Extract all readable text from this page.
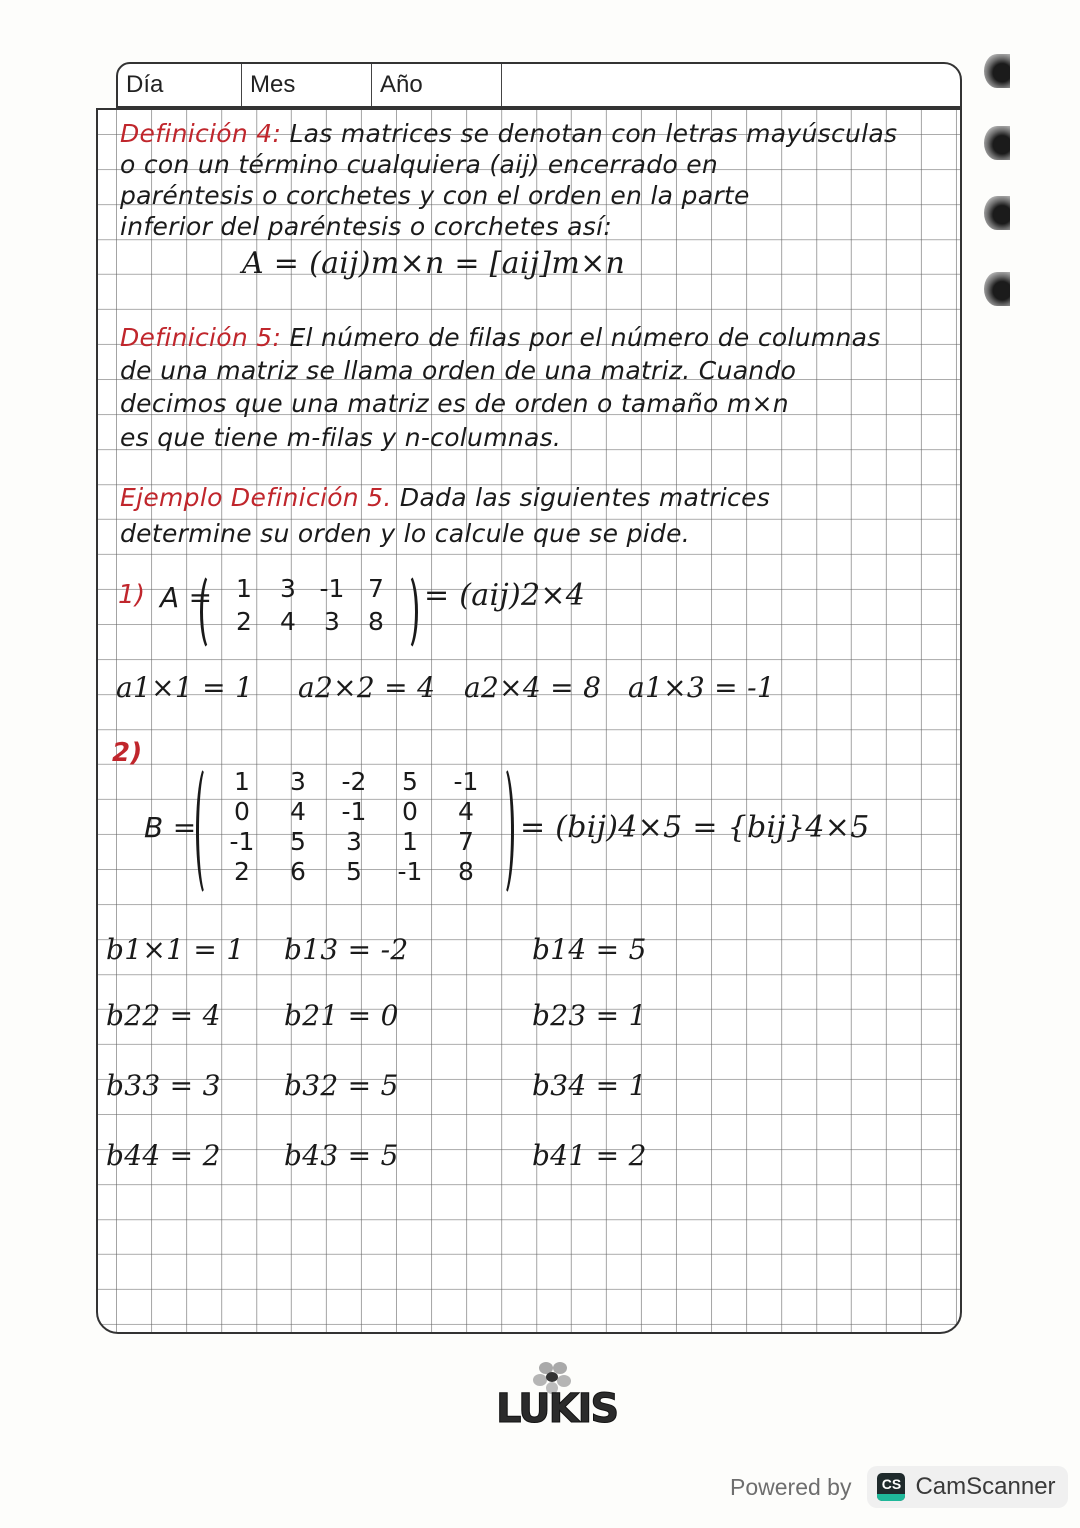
Día	Mes	Año
Definición 4: Las matrices se denotan con letras mayúsculas
o con un término cualquiera (aij) encerrado en
paréntesis o corchetes y con el orden en la parte
inferior del paréntesis o corchetes así:
A = (aij)m×n = [aij]m×n
Definición 5: El número de filas por el número de columnas
de una matriz se llama orden de una matriz. Cuando
decimos que una matriz es de orden o tamaño m×n
es que tiene m-filas y n-columnas.
Ejemplo Definición 5. Dada las siguientes matrices
determine su orden y lo calcule que se pide.
1) A = 1	3 -1 7
2	4	3	8
= (aij)2×4
a1×1 = 1 a2×2 = 4 a2×4 = 8 a1×3 = -1
2)
B =
1	3	-2	5	-1
0	4	-1	0	4
-1	5	3	1	7
2	6	5	-1	8
= (bij)4×5 = {bij}4×5
b1×1 = 1 b13 = -2	b14 = 5
b22 = 4 b21 = 0	b23 = 1
b33 = 3 b32 = 5	b34 = 1
b44 = 2 b43 = 5	b41 = 2
LUKIS
Powered by CS CamScanner
